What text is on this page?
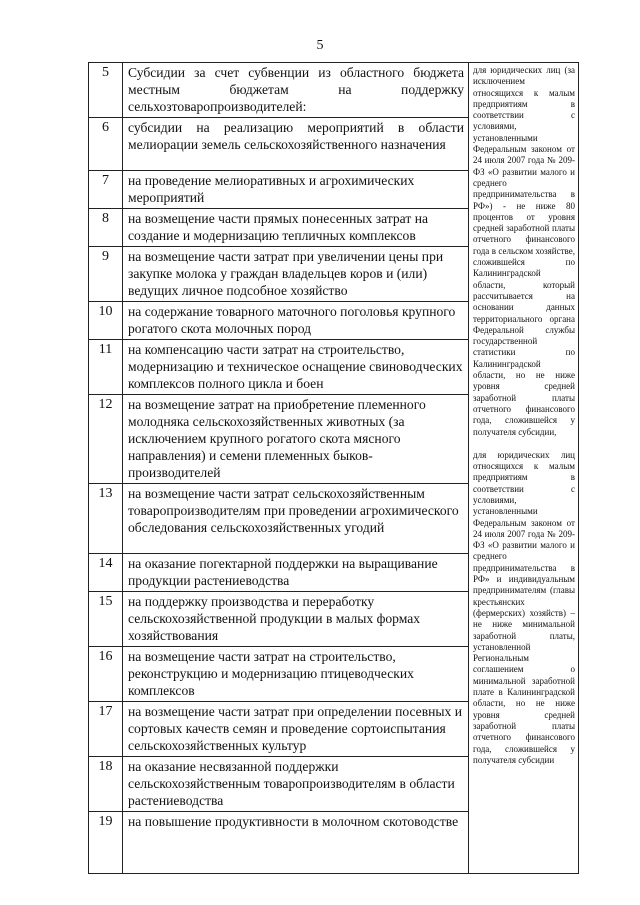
5
5	Субсидии за счет субвенции из областного бюджета местным бюджетам на поддержку сельхозтоваропроизводителей:	для юридических лиц (за исключением относящихся к малым предприятиям в соответствии с условиями, установленными Федеральным законом от 24 июля 2007 года № 209-ФЗ «О развитии малого и среднего предпринимательства в РФ») - не ниже 80 процентов от уровня средней заработной платы отчетного финансового года в сельском хозяйстве, сложившейся по Калининградской области, который рассчитывается на основании данных территориального органа Федеральной службы государственной статистики по Калининградской области, но не ниже уровня средней заработной платы отчетного финансового года, сложившейся у получателя субсидии,
для юридических лиц относящихся к малым предприятиям в соответствии с условиями, установленными Федеральным законом от 24 июля 2007 года № 209-ФЗ «О развитии малого и среднего предпринимательства в РФ» и индивидуальным предпринимателям (главы крестьянских (фермерских) хозяйств) – не ниже минимальной заработной платы, установленной Региональным соглашением о минимальной заработной плате в Калининградской области, но не ниже уровня средней заработной платы отчетного финансового года, сложившейся у получателя субсидии

6	субсидии на реализацию мероприятий в области мелиорации земель сельскохозяйственного назначения	
7	на проведение мелиоративных и агрохимических мероприятий	
8	на возмещение части прямых понесенных затрат на создание и модернизацию тепличных комплексов	
9	на возмещение части затрат при увеличении цены при закупке молока у граждан владельцев коров и (или) ведущих личное подсобное хозяйство	
10	на содержание товарного маточного поголовья крупного рогатого скота молочных пород	
11	на компенсацию части затрат на строительство, модернизацию и техническое оснащение свиноводческих комплексов полного цикла и боен	
12	на возмещение затрат на приобретение племенного молодняка сельскохозяйственных животных (за исключением крупного рогатого скота мясного направления) и семени племенных быков-производителей	
13	на возмещение части затрат сельскохозяйственным товаропроизводителям при проведении агрохимического обследования сельскохозяйственных угодий	
14	на оказание погектарной поддержки на выращивание продукции растениеводства	
15	на поддержку производства и переработку сельскохозяйственной продукции в малых формах хозяйствования	
16	на возмещение части затрат на строительство, реконструкцию и модернизацию птицеводческих комплексов	
17	на возмещение части затрат при определении посевных и сортовых качеств семян и проведение сортоиспытания сельскохозяйственных культур	
18	на оказание несвязанной поддержки сельскохозяйственным товаропроизводителям в области растениеводства	
19	на повышение продуктивности в молочном скотоводстве	
